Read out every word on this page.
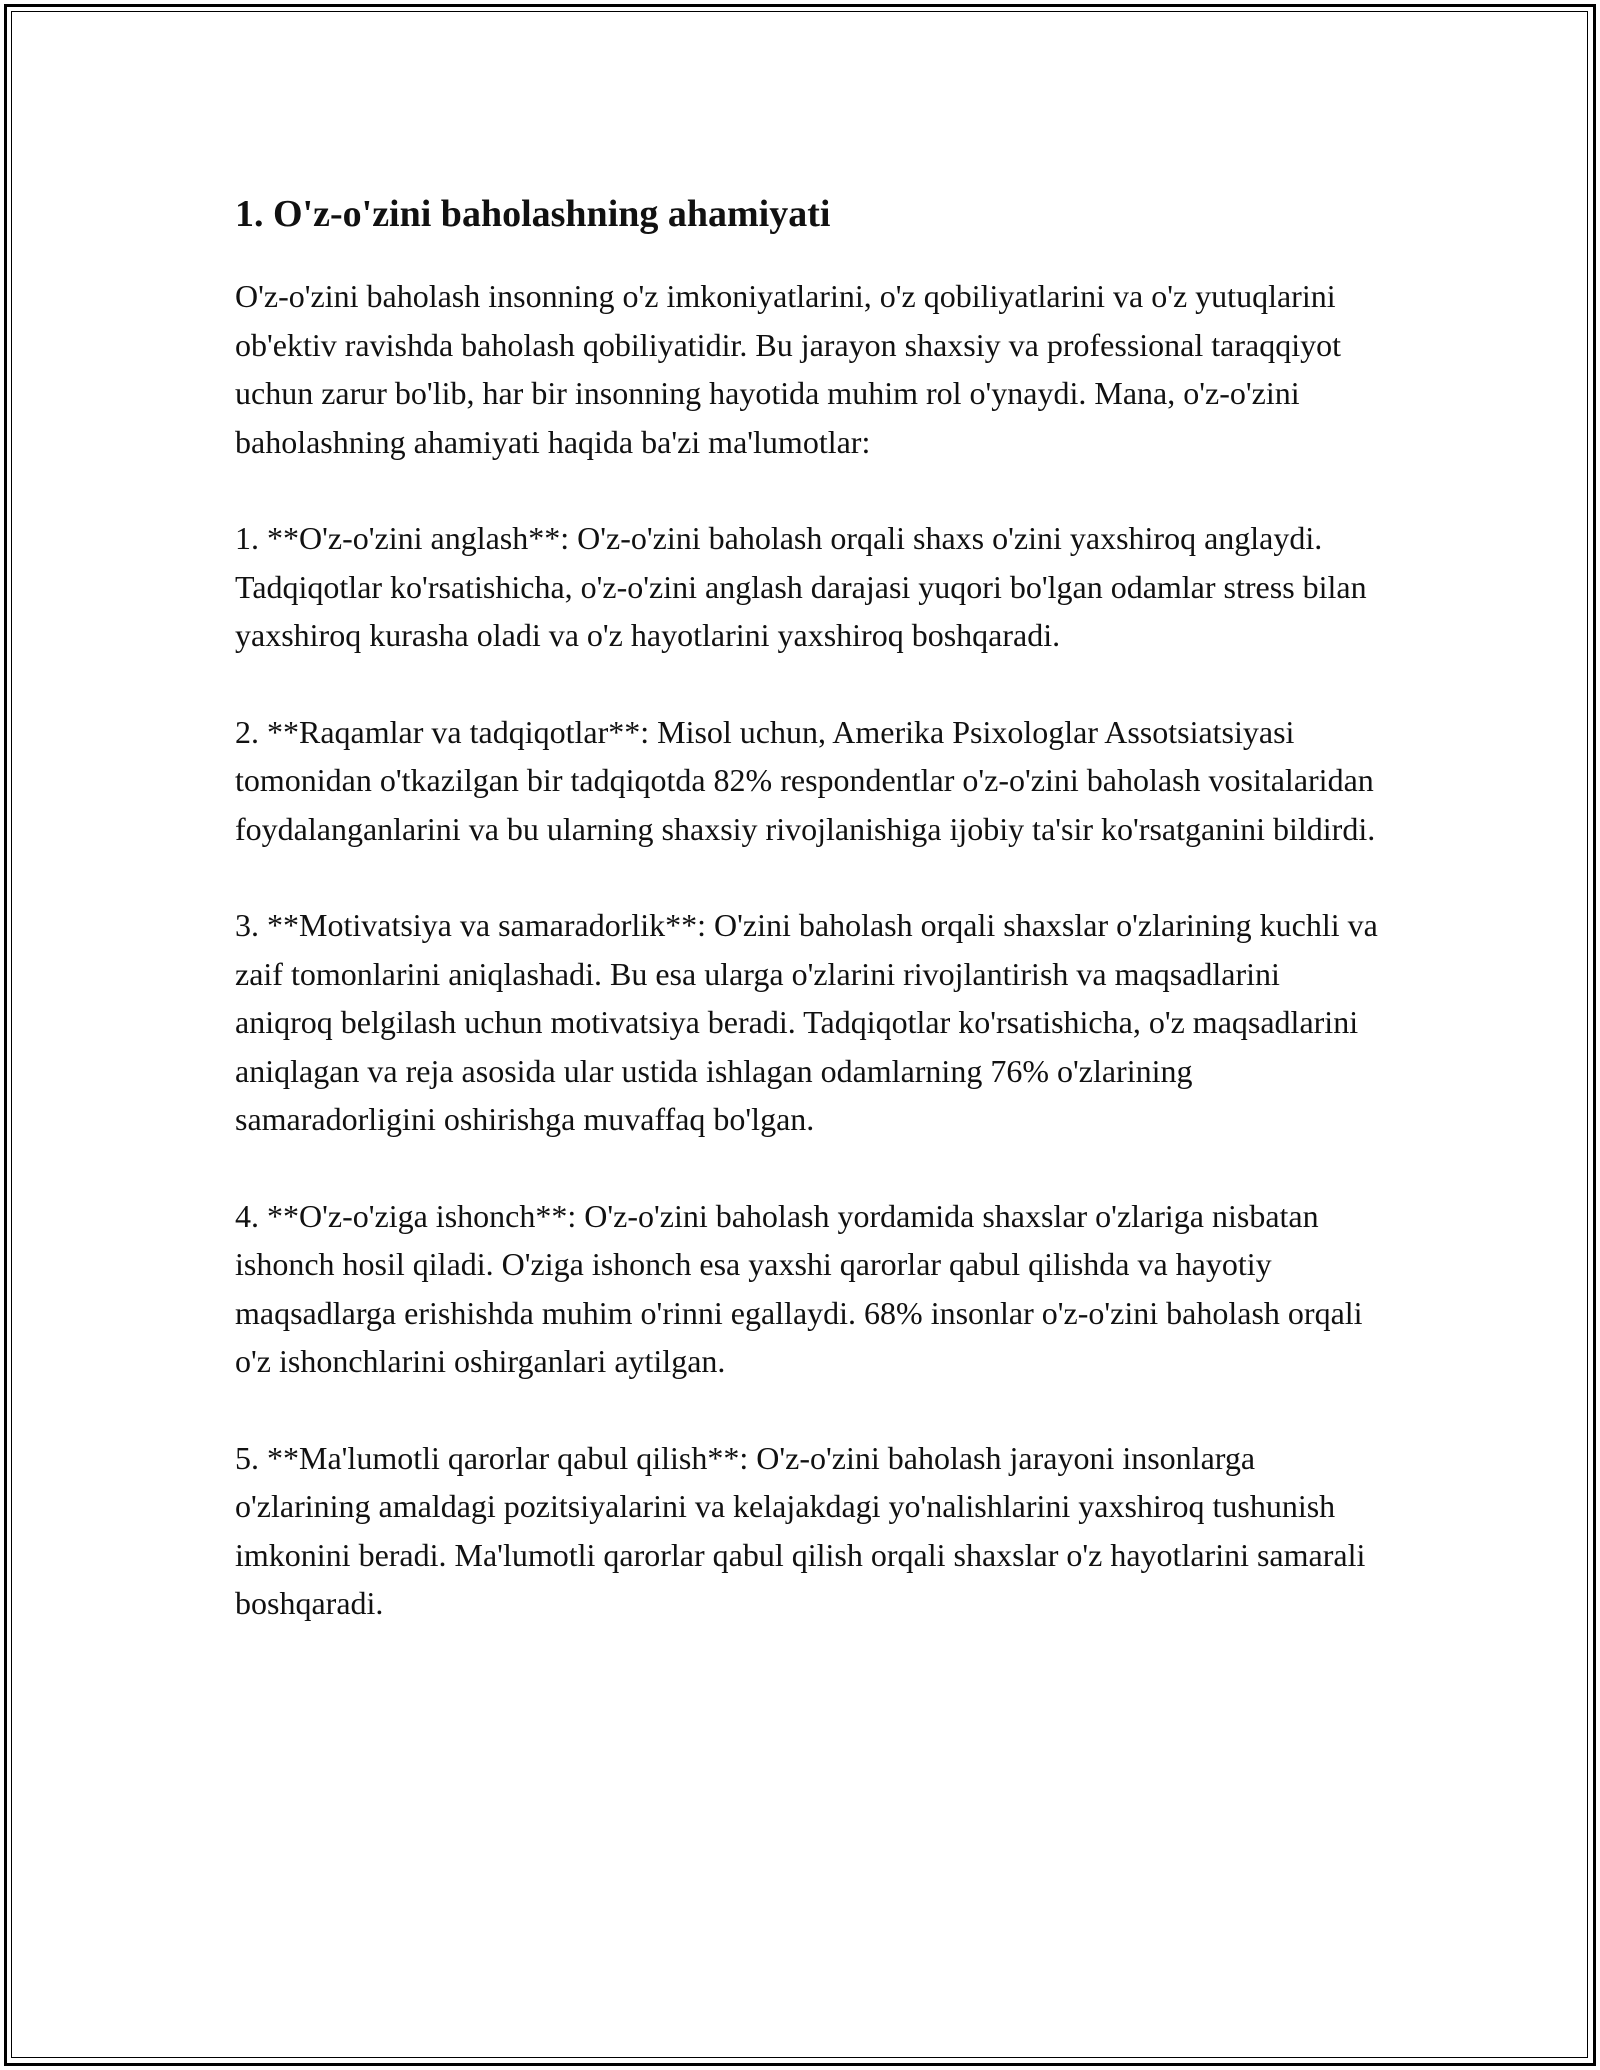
1. O'z-o'zini baholashning ahamiyati

O'z-o'zini baholash insonning o'z imkoniyatlarini, o'z qobiliyatlarini va o'z yutuqlarini ob'ektiv ravishda baholash qobiliyatidir. Bu jarayon shaxsiy va professional taraqqiyot uchun zarur bo'lib, har bir insonning hayotida muhim rol o'ynaydi. Mana, o'z-o'zini baholashning ahamiyati haqida ba'zi ma'lumotlar:

1. **O'z-o'zini anglash**: O'z-o'zini baholash orqali shaxs o'zini yaxshiroq anglaydi. Tadqiqotlar ko'rsatishicha, o'z-o'zini anglash darajasi yuqori bo'lgan odamlar stress bilan yaxshiroq kurasha oladi va o'z hayotlarini yaxshiroq boshqaradi.

2. **Raqamlar va tadqiqotlar**: Misol uchun, Amerika Psixologlar Assotsiatsiyasi tomonidan o'tkazilgan bir tadqiqotda 82% respondentlar o'z-o'zini baholash vositalaridan foydalanganlarini va bu ularning shaxsiy rivojlanishiga ijobiy ta'sir ko'rsatganini bildirdi.

3. **Motivatsiya va samaradorlik**: O'zini baholash orqali shaxslar o'zlarining kuchli va zaif tomonlarini aniqlashadi. Bu esa ularga o'zlarini rivojlantirish va maqsadlarini aniqroq belgilash uchun motivatsiya beradi. Tadqiqotlar ko'rsatishicha, o'z maqsadlarini aniqlagan va reja asosida ular ustida ishlagan odamlarning 76% o'zlarining samaradorligini oshirishga muvaffaq bo'lgan.

4. **O'z-o'ziga ishonch**: O'z-o'zini baholash yordamida shaxslar o'zlariga nisbatan ishonch hosil qiladi. O'ziga ishonch esa yaxshi qarorlar qabul qilishda va hayotiy maqsadlarga erishishda muhim o'rinni egallaydi. 68% insonlar o'z-o'zini baholash orqali o'z ishonchlarini oshirganlari aytilgan.

5. **Ma'lumotli qarorlar qabul qilish**: O'z-o'zini baholash jarayoni insonlarga o'zlarining amaldagi pozitsiyalarini va kelajakdagi yo'nalishlarini yaxshiroq tushunish imkonini beradi. Ma'lumotli qarorlar qabul qilish orqali shaxslar o'z hayotlarini samarali boshqaradi.
